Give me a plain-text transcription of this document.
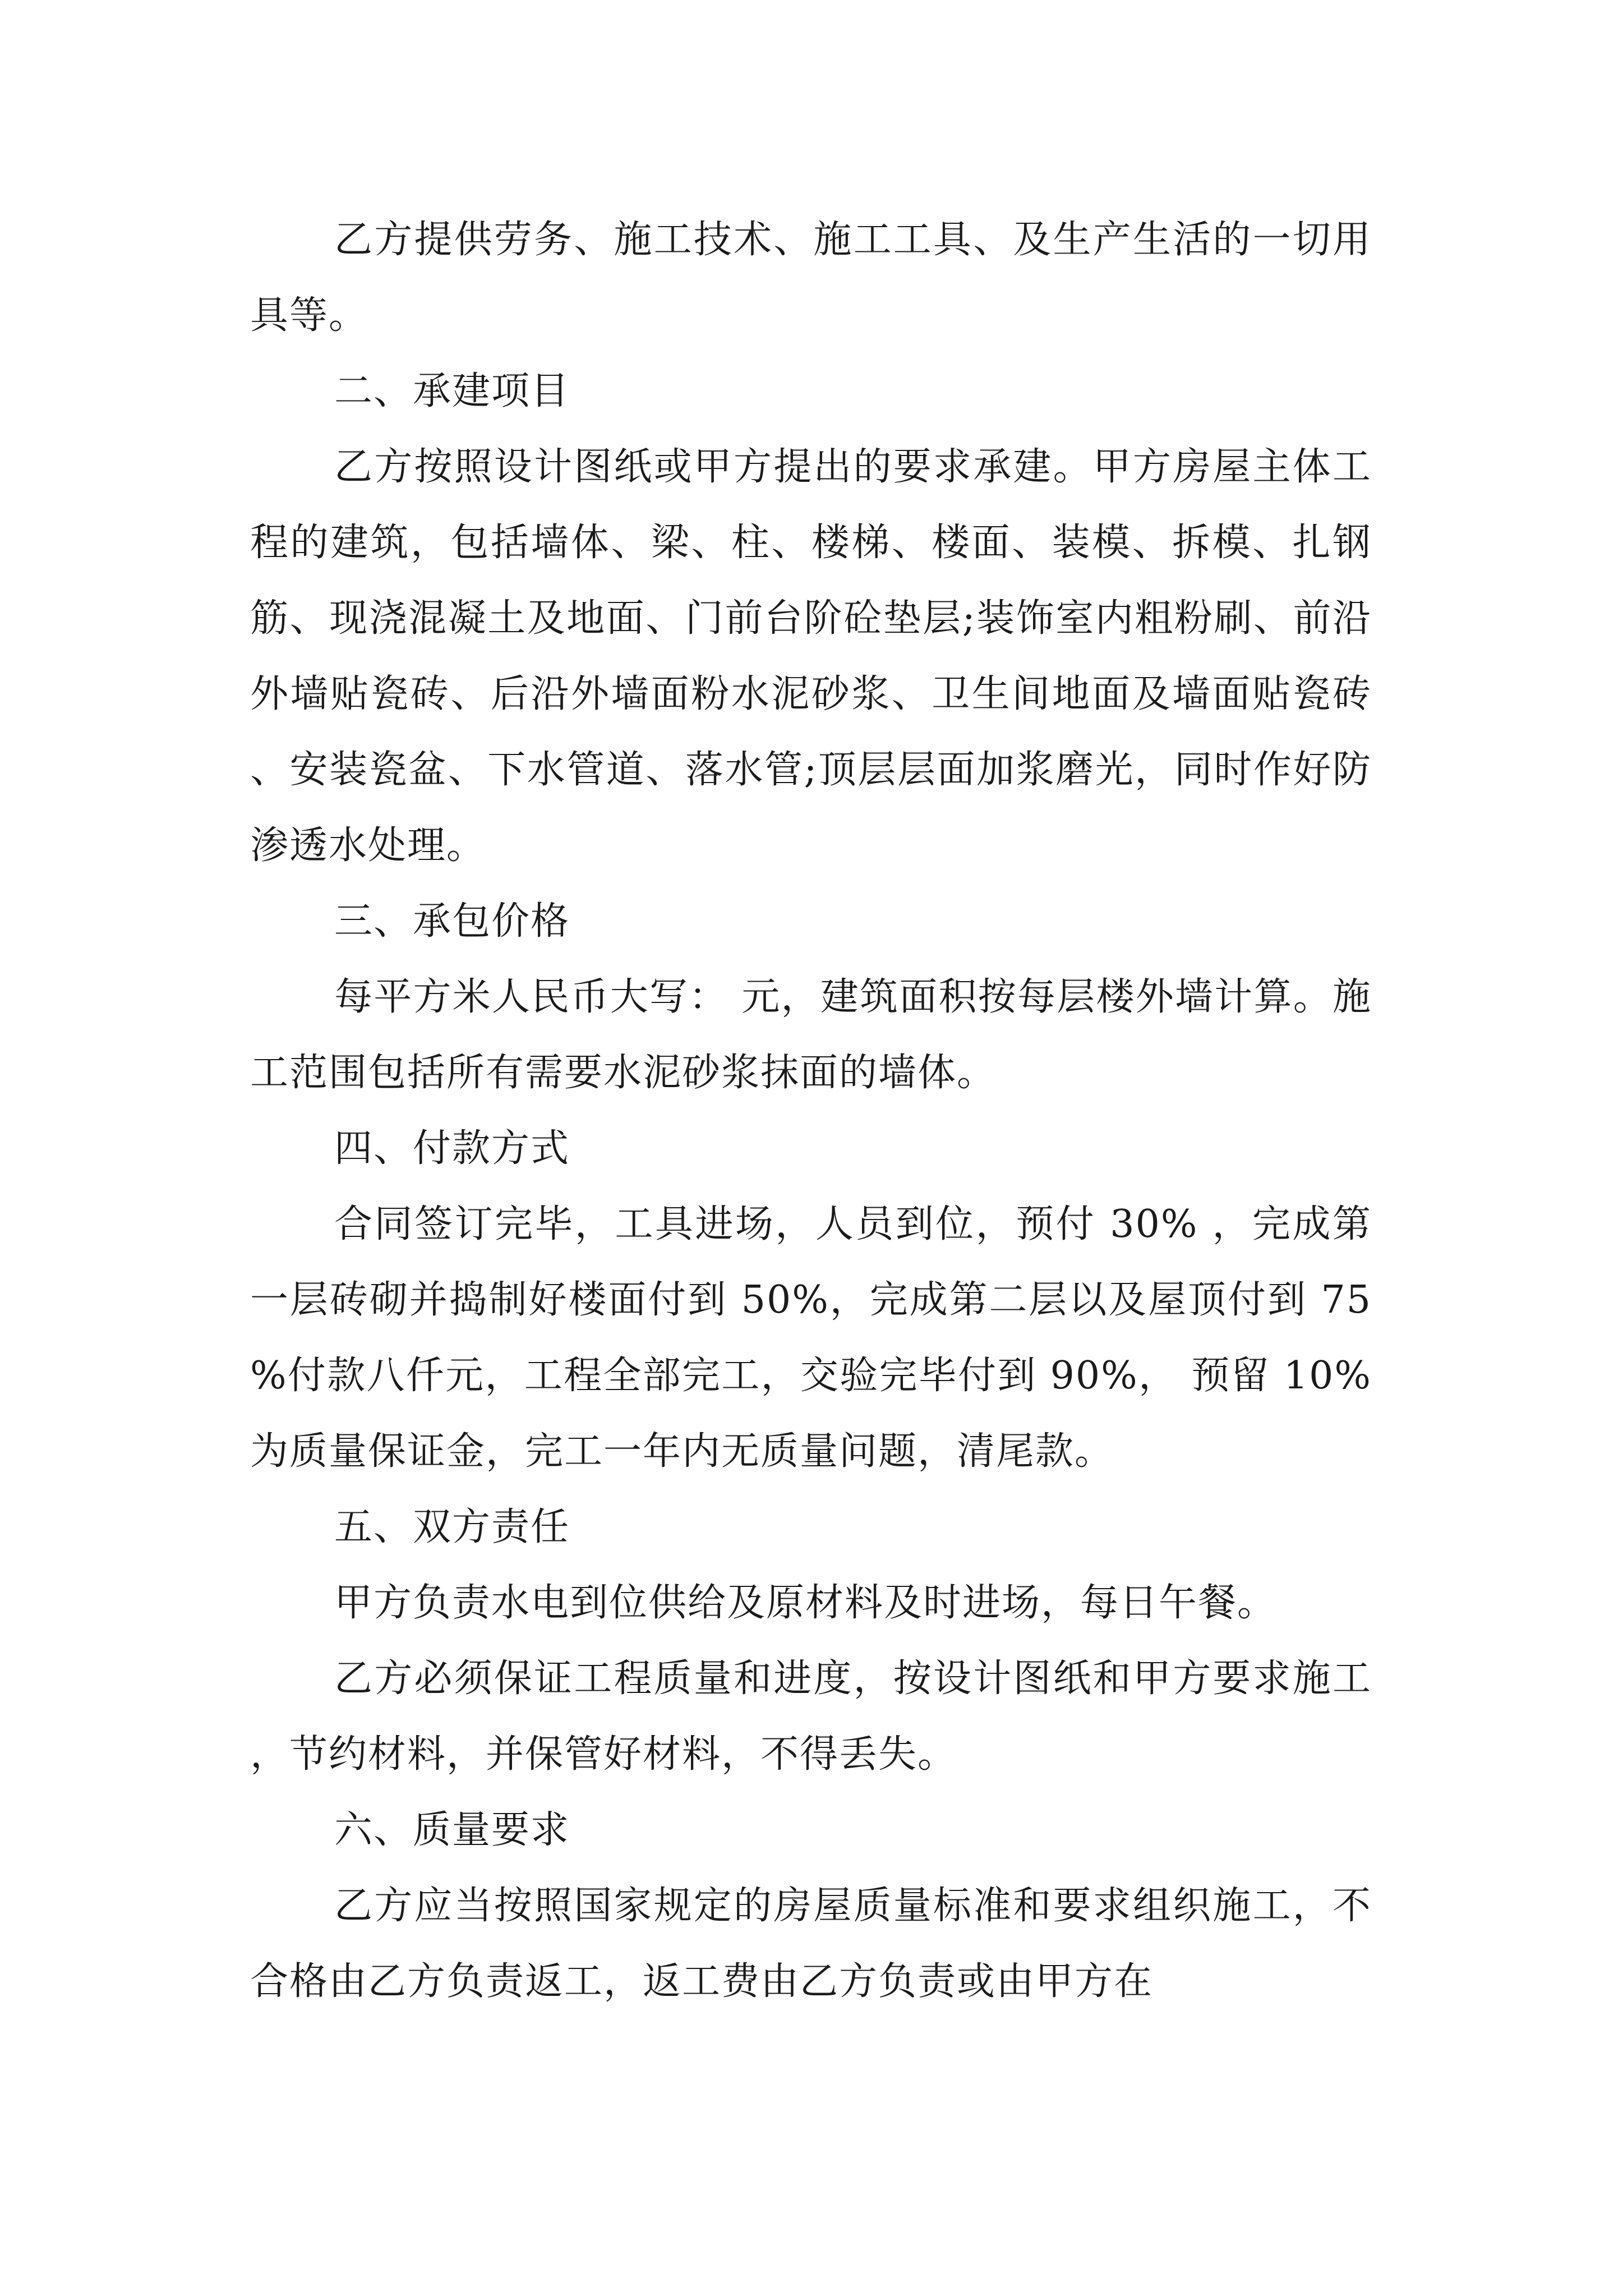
乙方提供劳务、施工技术、施工工具、及生产生活的一切用具等。

二、承建项目

乙方按照设计图纸或甲方提出的要求承建。甲方房屋主体工程的建筑，包括墙体、梁、柱、楼梯、楼面、装模、拆模、扎钢筋、现浇混凝土及地面、门前台阶砼垫层;装饰室内粗粉刷、前沿外墙贴瓷砖、后沿外墙面粉水泥砂浆、卫生间地面及墙面贴瓷砖、安装瓷盆、下水管道、落水管;顶层层面加浆磨光，同时作好防渗透水处理。

三、承包价格

每平方米人民币大写： 元，建筑面积按每层楼外墙计算。施工范围包括所有需要水泥砂浆抹面的墙体。

四、付款方式

合同签订完毕，工具进场，人员到位，预付 30% ，完成第一层砖砌并捣制好楼面付到 50%，完成第二层以及屋顶付到 75%付款八仟元，工程全部完工，交验完毕付到 90%， 预留 10%为质量保证金，完工一年内无质量问题，清尾款。

五、双方责任

甲方负责水电到位供给及原材料及时进场，每日午餐。

乙方必须保证工程质量和进度，按设计图纸和甲方要求施工，节约材料，并保管好材料，不得丢失。

六、质量要求

乙方应当按照国家规定的房屋质量标准和要求组织施工，不合格由乙方负责返工，返工费由乙方负责或由甲方在
